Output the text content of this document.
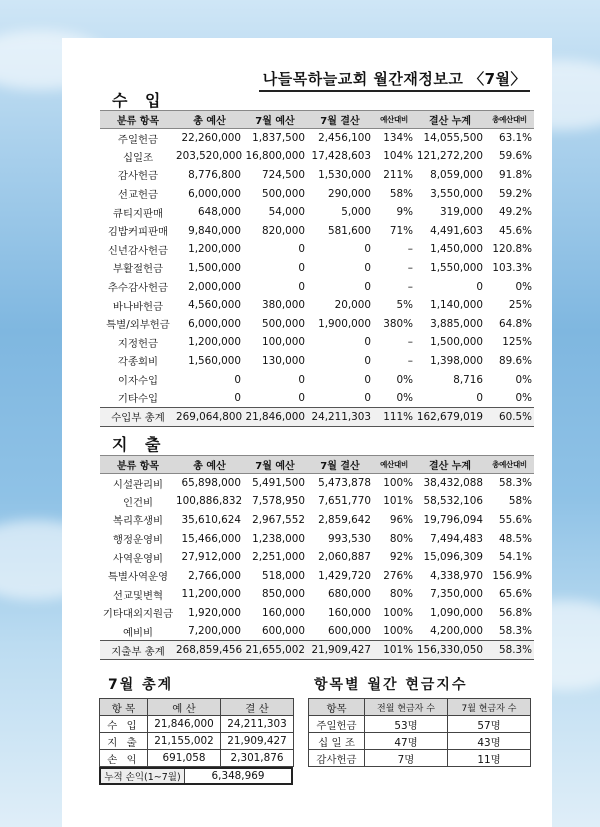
나들목하늘교회 월간재정보고 〈7월〉
수 입
분류 항목	총 예산	7월 예산	7월 결산	예산대비	결산 누계	총예산대비
주일헌금	22,260,000	1,837,500	2,456,100	134%	14,055,500	63.1%
십일조	203,520,000	16,800,000	17,428,603	104%	121,272,200	59.6%
감사헌금	8,776,800	724,500	1,530,000	211%	8,059,000	91.8%
선교헌금	6,000,000	500,000	290,000	58%	3,550,000	59.2%
큐티지판매	648,000	54,000	5,000	9%	319,000	49.2%
김밥커피판매	9,840,000	820,000	581,600	71%	4,491,603	45.6%
신년감사헌금	1,200,000	0	0	–	1,450,000	120.8%
부활절헌금	1,500,000	0	0	–	1,550,000	103.3%
추수감사헌금	2,000,000	0	0	–	0	0%
바나바헌금	4,560,000	380,000	20,000	5%	1,140,000	25%
특별/외부헌금	6,000,000	500,000	1,900,000	380%	3,885,000	64.8%
지정헌금	1,200,000	100,000	0	–	1,500,000	125%
각종회비	1,560,000	130,000	0	–	1,398,000	89.6%
이자수입	0	0	0	0%	8,716	0%
기타수입	0	0	0	0%	0	0%
수입부 총계	269,064,800	21,846,000	24,211,303	111%	162,679,019	60.5%
지 출
분류 항목	총 예산	7월 예산	7월 결산	예산대비	결산 누계	총예산대비
시설관리비	65,898,000	5,491,500	5,473,878	100%	38,432,088	58.3%
인건비	100,886,832	7,578,950	7,651,770	101%	58,532,106	58%
복리후생비	35,610,624	2,967,552	2,859,642	96%	19,796,094	55.6%
행정운영비	15,466,000	1,238,000	993,530	80%	7,494,483	48.5%
사역운영비	27,912,000	2,251,000	2,060,887	92%	15,096,309	54.1%
특별사역운영	2,766,000	518,000	1,429,720	276%	4,338,970	156.9%
선교및변혁	11,200,000	850,000	680,000	80%	7,350,000	65.6%
기타대외지원금	1,920,000	160,000	160,000	100%	1,090,000	56.8%
예비비	7,200,000	600,000	600,000	100%	4,200,000	58.3%
지출부 총계	268,859,456	21,655,002	21,909,427	101%	156,330,050	58.3%
7월 총계
항 목	예 산	결 산
수 입	21,846,000	24,211,303
지 출	21,155,002	21,909,427
손 익	691,058	2,301,876
누적 손익(1~7월)	6,348,969
항목별 월간 현금지수
항목	전월 현금자 수	7월 현금자 수
주일헌금	53명	57명
십 일 조	47명	43명
감사헌금	7명	11명
